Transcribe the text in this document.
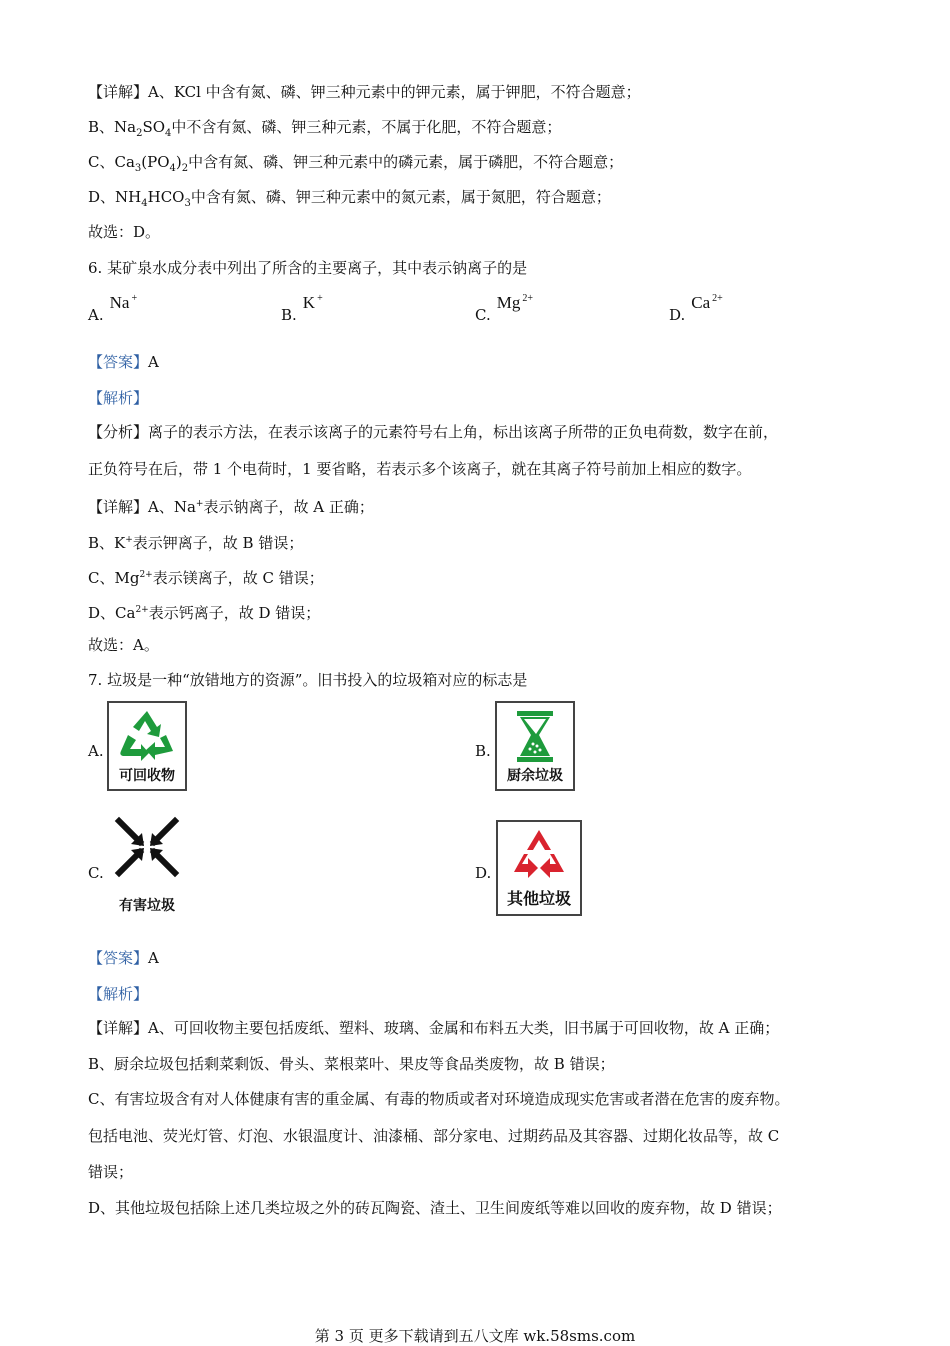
【详解】A、KCl 中含有氮、磷、钾三种元素中的钾元素，属于钾肥，不符合题意；
B、$Na_2SO_4$中不含有氮、磷、钾三种元素，不属于化肥，不符合题意；
C、$Ca_3(PO_4)_2$中含有氮、磷、钾三种元素中的磷元素，属于磷肥，不符合题意；
D、$NH_4HCO_3$中含有氮、磷、钾三种元素中的氮元素，属于氮肥，符合题意；
故选：D。
6. 某矿泉水成分表中列出了所含的主要离子，其中表示钠离子的是
A.Na +
B.K +
C.Mg $^{2+}$
D.Ca $^{2+}$
【答案】A
【解析】
【分析】离子的表示方法，在表示该离子的元素符号右上角，标出该离子所带的正负电荷数，数字在前，
正负符号在后，带 1 个电荷时，1 要省略，若表示多个该离子，就在其离子符号前加上相应的数字。
【详解】A、Na+表示钠离子，故 A 正确；
B、K+表示钾离子，故 B 错误；
C、$Mg^{2+}$表示镁离子，故 C 错误；
D、$Ca^{2+}$表示钙离子，故 D 错误；
故选：A。
7. 垃圾是一种“放错地方的资源”。旧书投入的垃圾箱对应的标志是
A.
可回收物
B.
厨余垃圾
C.
有害垃圾
D.
其他垃圾
【答案】A
【解析】
【详解】A、可回收物主要包括废纸、塑料、玻璃、金属和布料五大类，旧书属于可回收物，故 A 正确；
B、厨余垃圾包括剩菜剩饭、骨头、菜根菜叶、果皮等食品类废物，故 B 错误；
C、有害垃圾含有对人体健康有害的重金属、有毒的物质或者对环境造成现实危害或者潜在危害的废弃物。
包括电池、荧光灯管、灯泡、水银温度计、油漆桶、部分家电、过期药品及其容器、过期化妆品等，故 C
错误；
D、其他垃圾包括除上述几类垃圾之外的砖瓦陶瓷、渣土、卫生间废纸等难以回收的废弃物，故 D 错误；
第 3 页 更多下载请到五八文库 wk.58sms.com
